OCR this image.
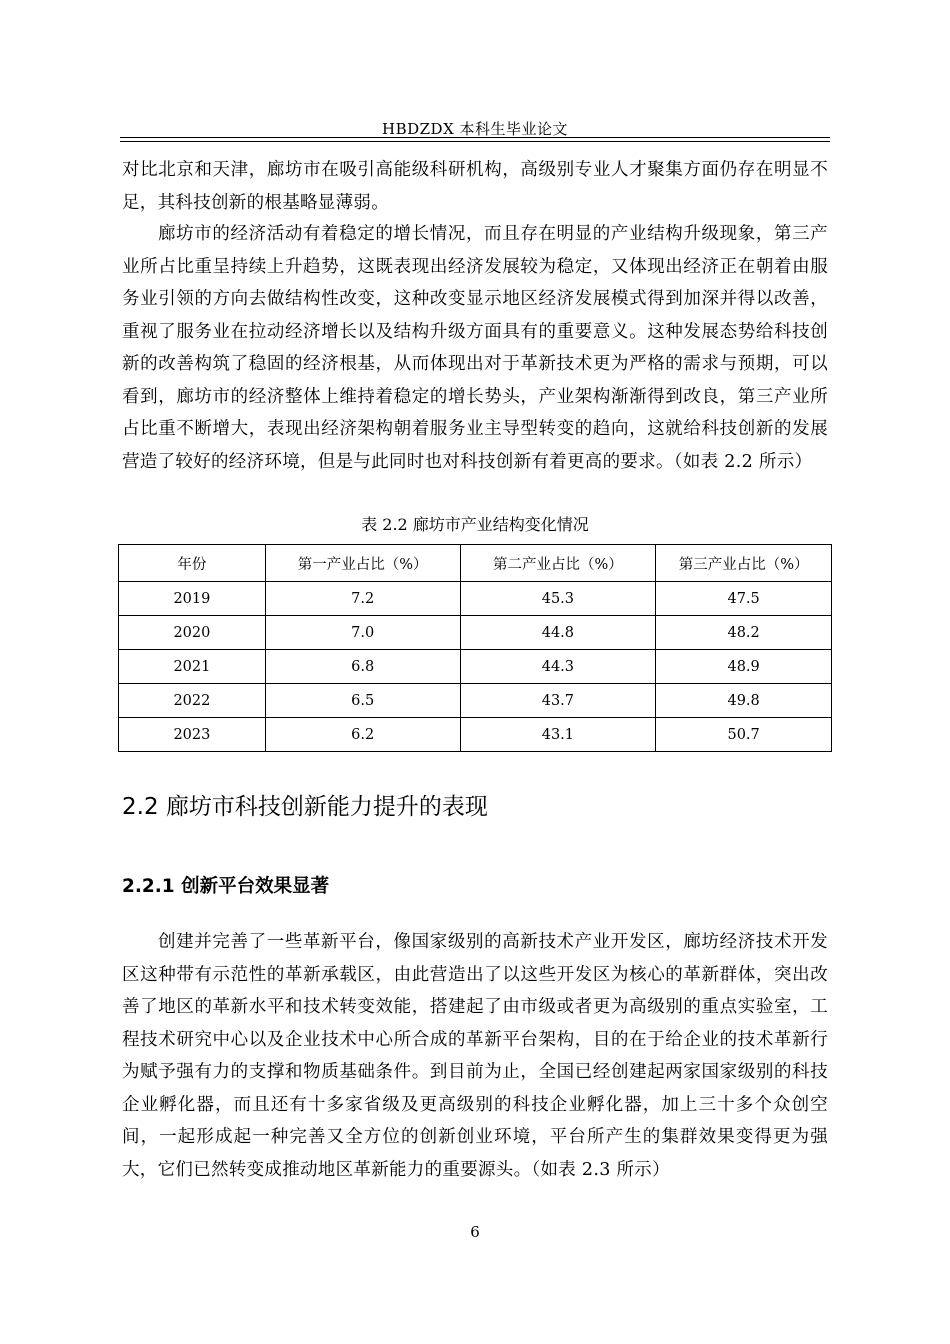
HBDZDX 本科生毕业论文

对比北京和天津，廊坊市在吸引高能级科研机构，高级别专业人才聚集方面仍存在明显不足，其科技创新的根基略显薄弱。

廊坊市的经济活动有着稳定的增长情况，而且存在明显的产业结构升级现象，第三产业所占比重呈持续上升趋势，这既表现出经济发展较为稳定，又体现出经济正在朝着由服务业引领的方向去做结构性改变，这种改变显示地区经济发展模式得到加深并得以改善，重视了服务业在拉动经济增长以及结构升级方面具有的重要意义。这种发展态势给科技创新的改善构筑了稳固的经济根基，从而体现出对于革新技术更为严格的需求与预期，可以看到，廊坊市的经济整体上维持着稳定的增长势头，产业架构渐渐得到改良，第三产业所占比重不断增大，表现出经济架构朝着服务业主导型转变的趋向，这就给科技创新的发展营造了较好的经济环境，但是与此同时也对科技创新有着更高的要求。（如表 2.2 所示）

表 2.2 廊坊市产业结构变化情况
年份	第一产业占比（%）	第二产业占比（%）	第三产业占比（%）
2019	7.2	45.3	47.5
2020	7.0	44.8	48.2
2021	6.8	44.3	48.9
2022	6.5	43.7	49.8
2023	6.2	43.1	50.7
2.2 廊坊市科技创新能力提升的表现
2.2.1 创新平台效果显著

创建并完善了一些革新平台，像国家级别的高新技术产业开发区，廊坊经济技术开发区这种带有示范性的革新承载区，由此营造出了以这些开发区为核心的革新群体，突出改善了地区的革新水平和技术转变效能，搭建起了由市级或者更为高级别的重点实验室，工程技术研究中心以及企业技术中心所合成的革新平台架构，目的在于给企业的技术革新行为赋予强有力的支撑和物质基础条件。到目前为止，全国已经创建起两家国家级别的科技企业孵化器，而且还有十多家省级及更高级别的科技企业孵化器，加上三十多个众创空间，一起形成起一种完善又全方位的创新创业环境，平台所产生的集群效果变得更为强大，它们已然转变成推动地区革新能力的重要源头。（如表 2.3 所示）

6
